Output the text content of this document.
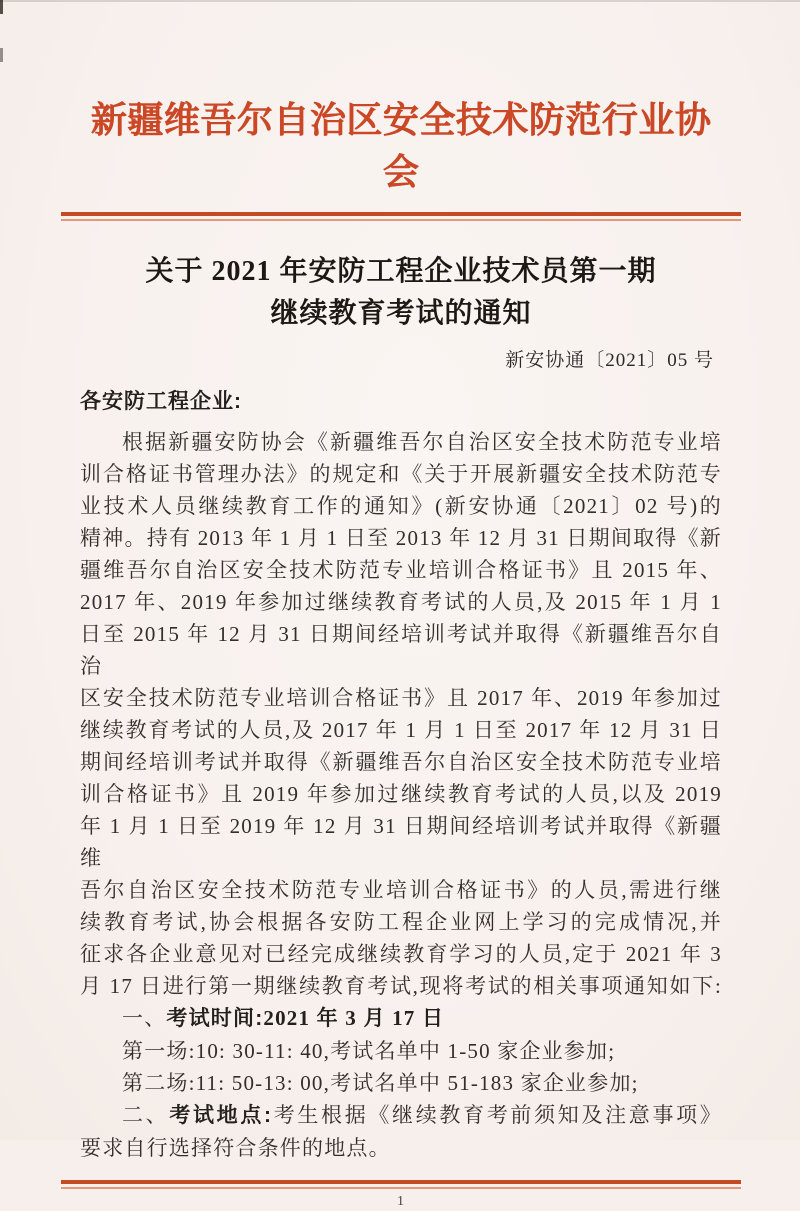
新疆维吾尔自治区安全技术防范行业协会
关于 2021 年安防工程企业技术员第一期
继续教育考试的通知
新安协通〔2021〕05 号
各安防工程企业:
根据新疆安防协会《新疆维吾尔自治区安全技术防范专业培
训合格证书管理办法》的规定和《关于开展新疆安全技术防范专
业技术人员继续教育工作的通知》(新安协通〔2021〕02 号)的
精神。持有 2013 年 1 月 1 日至 2013 年 12 月 31 日期间取得《新
疆维吾尔自治区安全技术防范专业培训合格证书》且 2015 年、
2017 年、2019 年参加过继续教育考试的人员,及 2015 年 1 月 1
日至 2015 年 12 月 31 日期间经培训考试并取得《新疆维吾尔自治
区安全技术防范专业培训合格证书》且 2017 年、2019 年参加过
继续教育考试的人员,及 2017 年 1 月 1 日至 2017 年 12 月 31 日
期间经培训考试并取得《新疆维吾尔自治区安全技术防范专业培
训合格证书》且 2019 年参加过继续教育考试的人员,以及 2019
年 1 月 1 日至 2019 年 12 月 31 日期间经培训考试并取得《新疆维
吾尔自治区安全技术防范专业培训合格证书》的人员,需进行继
续教育考试,协会根据各安防工程企业网上学习的完成情况,并
征求各企业意见对已经完成继续教育学习的人员,定于 2021 年 3
月 17 日进行第一期继续教育考试,现将考试的相关事项通知如下:
一、考试时间:2021 年 3 月 17 日
第一场:10: 30-11: 40,考试名单中 1-50 家企业参加;
第二场:11: 50-13: 00,考试名单中 51-183 家企业参加;
二、考试地点:考生根据《继续教育考前须知及注意事项》
要求自行选择符合条件的地点。
1
